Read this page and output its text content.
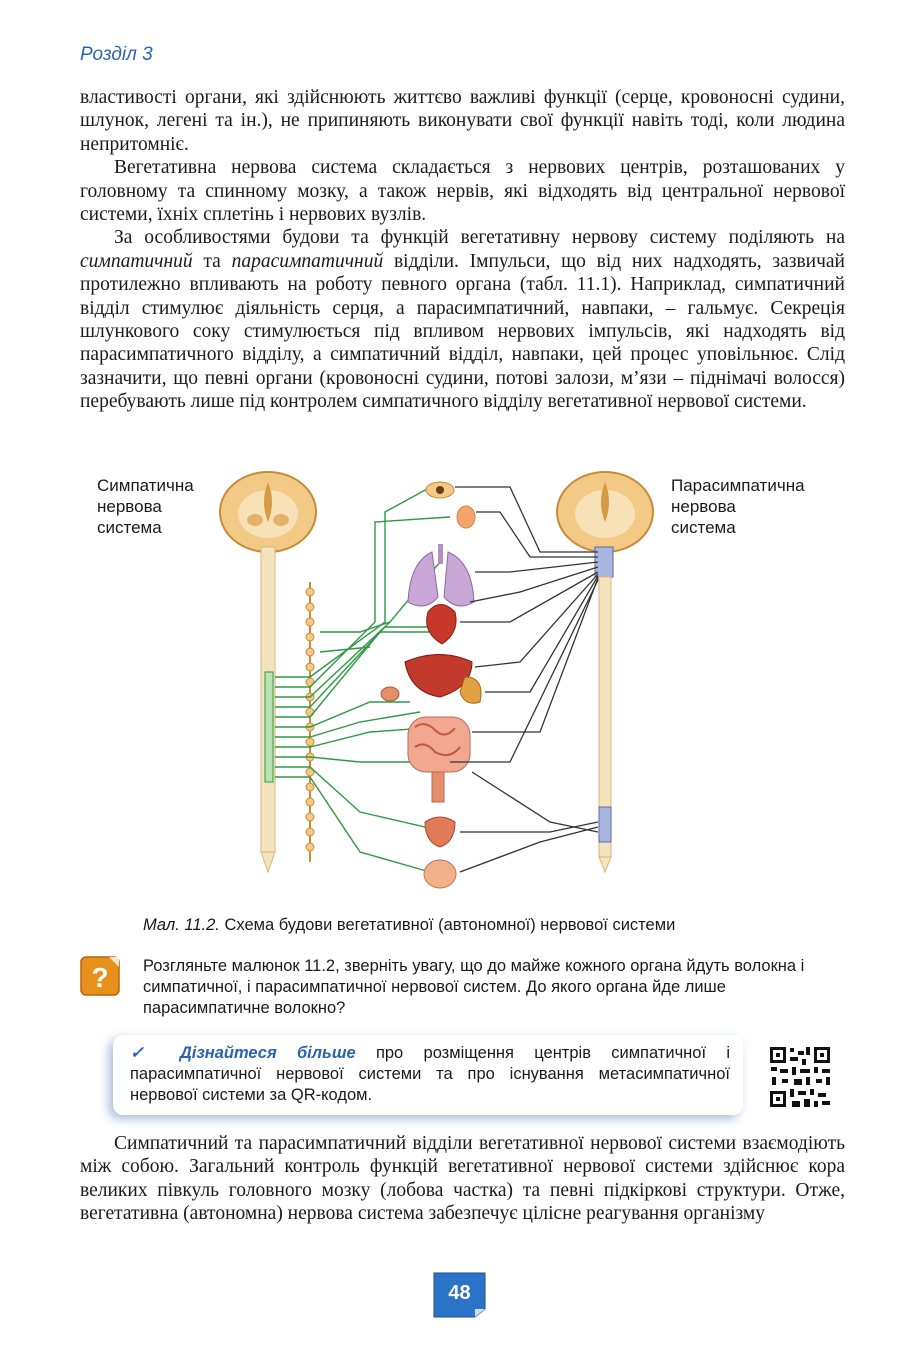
Розділ 3

властивості органи, які здійснюють життєво важливі функції (серце, кровоносні судини, шлунок, легені та ін.), не припиняють виконувати свої функції навіть тоді, коли людина непритомніє.

Вегетативна нервова система складається з нервових центрів, розташованих у головному та спинному мозку, а також нервів, які відходять від центральної нервової системи, їхніх сплетінь і нервових вузлів.

За особливостями будови та функцій вегетативну нервову систему поділяють на симпатичний та парасимпатичний відділи. Імпульси, що від них надходять, зазвичай протилежно впливають на роботу певного органа (табл. 11.1). Наприклад, симпатичний відділ стимулює діяльність серця, а парасимпатичний, навпаки, – гальмує. Секреція шлункового соку стимулюється під впливом нервових імпульсів, які надходять від парасимпатичного відділу, а симпатичний відділ, навпаки, цей процес уповільнює. Слід зазначити, що певні органи (кровоносні судини, потові залози, м’язи – піднімачі волосся) перебувають лише під контролем симпатичного відділу вегетативної нервової системи.

Симпатична
нервова
система
Парасимпатична
нервова
система
Мал. 11.2. Схема будови вегетативної (автономної) нервової системи
? Розгляньте малюнок 11.2, зверніть увагу, що до майже кожного органа йдуть волокна і симпатичної, і парасимпатичної нервової систем. До якого органа йде лише парасимпатичне волокно?
✓ Дізнайтеся більше про розміщення центрів симпатичної і парасимпатичної нервової системи та про існування метасимпатичної нервової системи за QR-кодом.

Симпатичний та парасимпатичний відділи вегетативної нервової системи взаємодіють між собою. Загальний контроль функцій вегетативної нервової системи здійснює кора великих півкуль головного мозку (лобова частка) та певні підкіркові структури. Отже, вегетативна (автономна) нервова система забезпечує цілісне реагування організму

48
